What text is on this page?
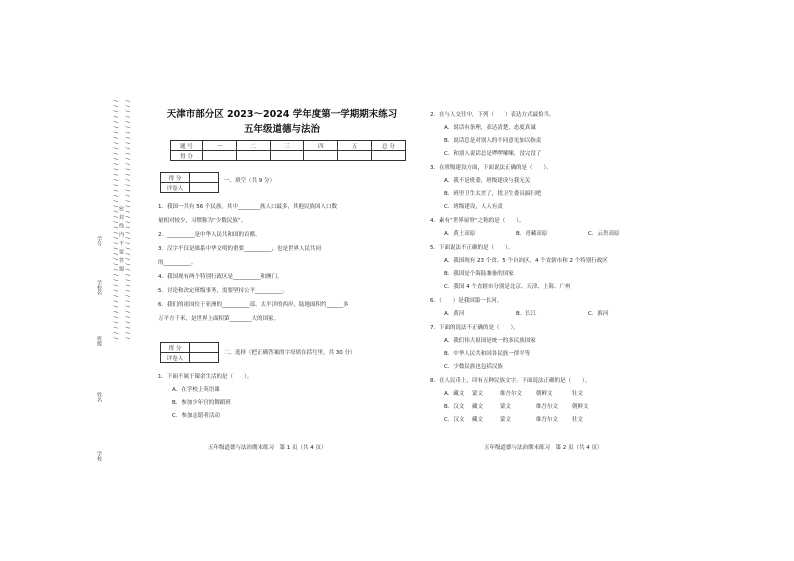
/ / / / / / / / / / / / / / / / / / / / / / / / / / / / / / / / / / / / / / / / / / / / / / / / / / / / / / / / / / / / / / / / / / / / / / / / / / / / / / / / / / / / / / / / / / / /
密 封 线 内 不 要 答 题
学号
学校名
班级
姓名
学校

天津市部分区 2023～2024 学年度第一学期期末练习

五年级道德与法治

题 号	一	二	三	四	五	总 分
得 分						
得 分	
评卷人	
一、填空（共 9 分）
1．我国一共有 56 个民族。其中________族人口最多，其他民族国人口数
量相对较少，习惯称为“少数民族”。
2．__________是中华人民共和国的首都。
3．汉字不仅是维系中华文明的重要__________，也是世界人民共同
的__________。
4．我国现有两个特别行政区是__________和澳门。
5．讨论和决定班级事务，需要坚持公平__________。
6．我们的祖国位于亚洲的__________部、太平洋的西岸，陆地面积约______多
万平方千米，是世界上面积第________大的国家。
得 分	
评卷人	
二、选择（把正确答案的字母填在括号里，共 30 分）
1．下面不属于课余生活的是（　　）。
A．在学校上英语课
B．参加少年宫的舞蹈班
C．参加志愿者活动
五年级道德与法治期末练习　第 1 页（共 4 页）
2．在与人交往中，下列（　　）表达方式最恰当。
A．说话有条理，表达清楚，态度真诚
B．说话总是对别人的不同意见加以指责
C．和别人说话总是啰啰嗦嗦，没完没了
3．在班级建设方面，下面说法正确的是（　　）。
A．我不是班委，班级建设与我无关
B．班里卫生太差了，找卫生委员搞扫吧
C．班级建设，人人有责
4．素有“世界屋脊”之称的是（　　）。
A．黄土高原	B．青藏高原	C．云贵高原
5．下面说法不正确的是（　　）。
A．我国现有 23 个省、5 个自治区、4 个直辖市和 2 个特别行政区
B．我国是个海陆兼备的国家
C．我国 4 个直辖市分别是北京、天津、上海、广州
6．（　　）是我国第一长河。
A．黄河	B．长江	C．淮河
7．下面的说法不正确的是（　　）。
A．我们伟大祖国是统一的多民族国家
B．中华人民共和国各民族一律平等
C．少数民族也包括汉族
8．在人民币上，印有五种民族文字，下面说法正确的是（　　）。
A．藏文	蒙文	维吾尔文	朝鲜文	壮文
B．汉文	藏文	蒙文	维吾尔文	朝鲜文
C．汉文	藏文	蒙文	维吾尔文	壮文
五年级道德与法治期末练习　第 2 页（共 4 页）
